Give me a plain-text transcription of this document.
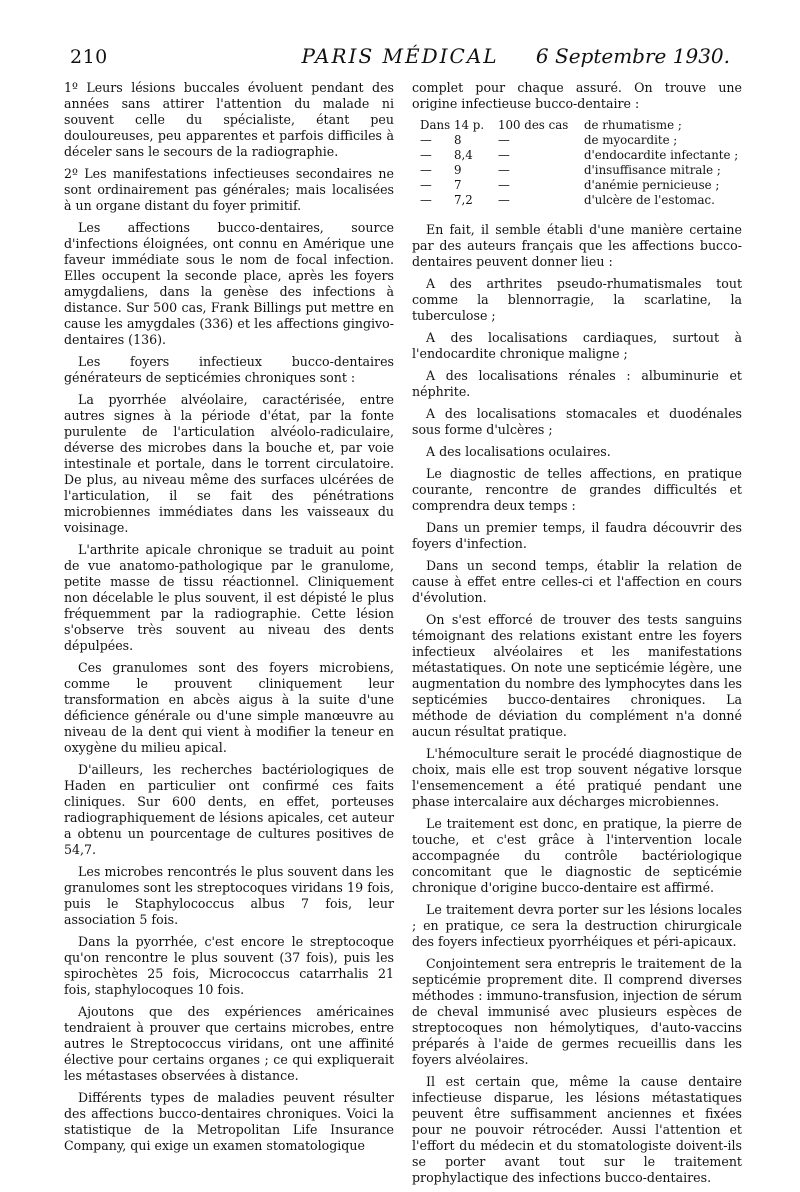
210	PARIS MÉDICAL	6 Septembre 1930.

1º Leurs lésions buccales évoluent pendant des années sans attirer l'attention du malade ni souvent celle du spécialiste, étant peu douloureuses, peu apparentes et parfois difficiles à déceler sans le secours de la radiographie.

2º Les manifestations infectieuses secondaires ne sont ordinairement pas générales; mais localisées à un organe distant du foyer primitif.

Les affections bucco-dentaires, source d'infections éloignées, ont connu en Amérique une faveur immédiate sous le nom de focal infection. Elles occupent la seconde place, après les foyers amygdaliens, dans la genèse des infections à distance. Sur 500 cas, Frank Billings put mettre en cause les amygdales (336) et les affections gingivo-dentaires (136).

Les foyers infectieux bucco-dentaires générateurs de septicémies chroniques sont :

La pyorrhée alvéolaire, caractérisée, entre autres signes à la période d'état, par la fonte purulente de l'articulation alvéolo-radiculaire, déverse des microbes dans la bouche et, par voie intestinale et portale, dans le torrent circulatoire. De plus, au niveau même des surfaces ulcérées de l'articulation, il se fait des pénétrations microbiennes immédiates dans les vaisseaux du voisinage.

L'arthrite apicale chronique se traduit au point de vue anatomo-pathologique par le granulome, petite masse de tissu réactionnel. Cliniquement non décelable le plus souvent, il est dépisté le plus fréquemment par la radiographie. Cette lésion s'observe très souvent au niveau des dents dépulpées.

Ces granulomes sont des foyers microbiens, comme le prouvent cliniquement leur transformation en abcès aigus à la suite d'une déficience générale ou d'une simple manœuvre au niveau de la dent qui vient à modifier la teneur en oxygène du milieu apical.

D'ailleurs, les recherches bactériologiques de Haden en particulier ont confirmé ces faits cliniques. Sur 600 dents, en effet, porteuses radiographiquement de lésions apicales, cet auteur a obtenu un pourcentage de cultures positives de 54,7.

Les microbes rencontrés le plus souvent dans les granulomes sont les streptocoques viridans 19 fois, puis le Staphylococcus albus 7 fois, leur association 5 fois.

Dans la pyorrhée, c'est encore le streptocoque qu'on rencontre le plus souvent (37 fois), puis les spirochètes 25 fois, Micrococcus catarrhalis 21 fois, staphylocoques 10 fois.

Ajoutons que des expériences américaines tendraient à prouver que certains microbes, entre autres le Streptococcus viridans, ont une affinité élective pour certains organes ; ce qui expliquerait les métastases observées à distance.

Différents types de maladies peuvent résulter des affections bucco-dentaires chroniques. Voici la statistique de la Metropolitan Life Insurance Company, qui exige un examen stomatologique

complet pour chaque assuré. On trouve une origine infectieuse bucco-dentaire :

Dans 14 p.	100 des cas	de rhumatisme ;
—	8	—	de myocardite ;
—	8,4	—	d'endocardite infectante ;
—	9	—	d'insuffisance mitrale ;
—	7	—	d'anémie pernicieuse ;
—	7,2	—	d'ulcère de l'estomac.

En fait, il semble établi d'une manière certaine par des auteurs français que les affections bucco-dentaires peuvent donner lieu :

A des arthrites pseudo-rhumatismales tout comme la blennorragie, la scarlatine, la tuberculose ;

A des localisations cardiaques, surtout à l'endocardite chronique maligne ;

A des localisations rénales : albuminurie et néphrite.

A des localisations stomacales et duodénales sous forme d'ulcères ;

A des localisations oculaires.

Le diagnostic de telles affections, en pratique courante, rencontre de grandes difficultés et comprendra deux temps :

Dans un premier temps, il faudra découvrir des foyers d'infection.

Dans un second temps, établir la relation de cause à effet entre celles-ci et l'affection en cours d'évolution.

On s'est efforcé de trouver des tests sanguins témoignant des relations existant entre les foyers infectieux alvéolaires et les manifestations métastatiques. On note une septicémie légère, une augmentation du nombre des lymphocytes dans les septicémies bucco-dentaires chroniques. La méthode de déviation du complément n'a donné aucun résultat pratique.

L'hémoculture serait le procédé diagnostique de choix, mais elle est trop souvent négative lorsque l'ensemencement a été pratiqué pendant une phase intercalaire aux décharges microbiennes.

Le traitement est donc, en pratique, la pierre de touche, et c'est grâce à l'intervention locale accompagnée du contrôle bactériologique concomitant que le diagnostic de septicémie chronique d'origine bucco-dentaire est affirmé.

Le traitement devra porter sur les lésions locales ; en pratique, ce sera la destruction chirurgicale des foyers infectieux pyorrhéiques et péri-apicaux.

Conjointement sera entrepris le traitement de la septicémie proprement dite. Il comprend diverses méthodes : immuno-transfusion, injection de sérum de cheval immunisé avec plusieurs espèces de streptocoques non hémolytiques, d'auto-vaccins préparés à l'aide de germes recueillis dans les foyers alvéolaires.

Il est certain que, même la cause dentaire infectieuse disparue, les lésions métastatiques peuvent être suffisamment anciennes et fixées pour ne pouvoir rétrocéder. Aussi l'attention et l'effort du médecin et du stomatologiste doivent-ils se porter avant tout sur le traitement prophylactique des infections bucco-dentaires.
